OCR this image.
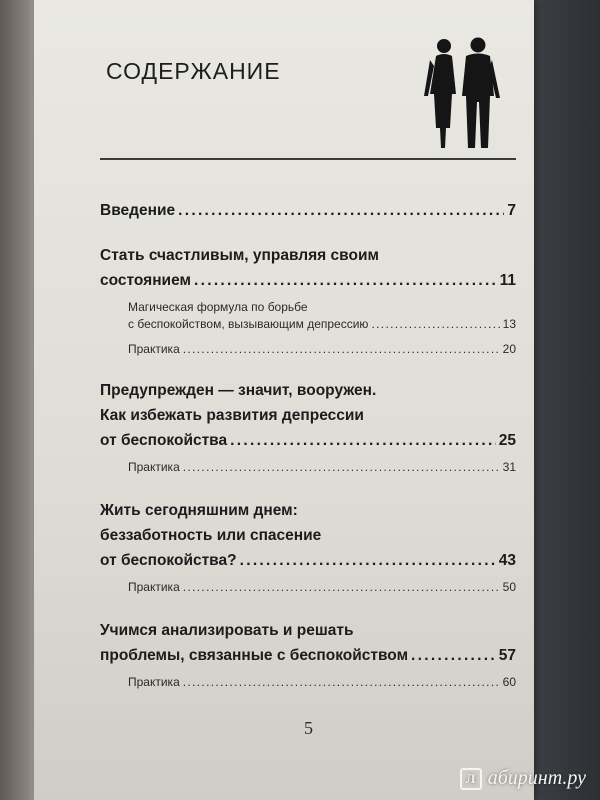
СОДЕРЖАНИЕ
Введение . . .	7
Стать счастливым, управляя своим
состоянием . . .	11
Магическая формула по борьбе
с беспокойством, вызывающим депрессию . . .	13
Практика . . .	20
Предупрежден — значит, вооружен.
Как избежать развития депрессии
от беспокойства . . .	25
Практика . . .	31
Жить сегодняшним днем:
беззаботность или спасение
от беспокойства? . . .	43
Практика . . .	50
Учимся анализировать и решать
проблемы, связанные с беспокойством . . .	57
Практика . . .	60
5
Л абиринт.ру
